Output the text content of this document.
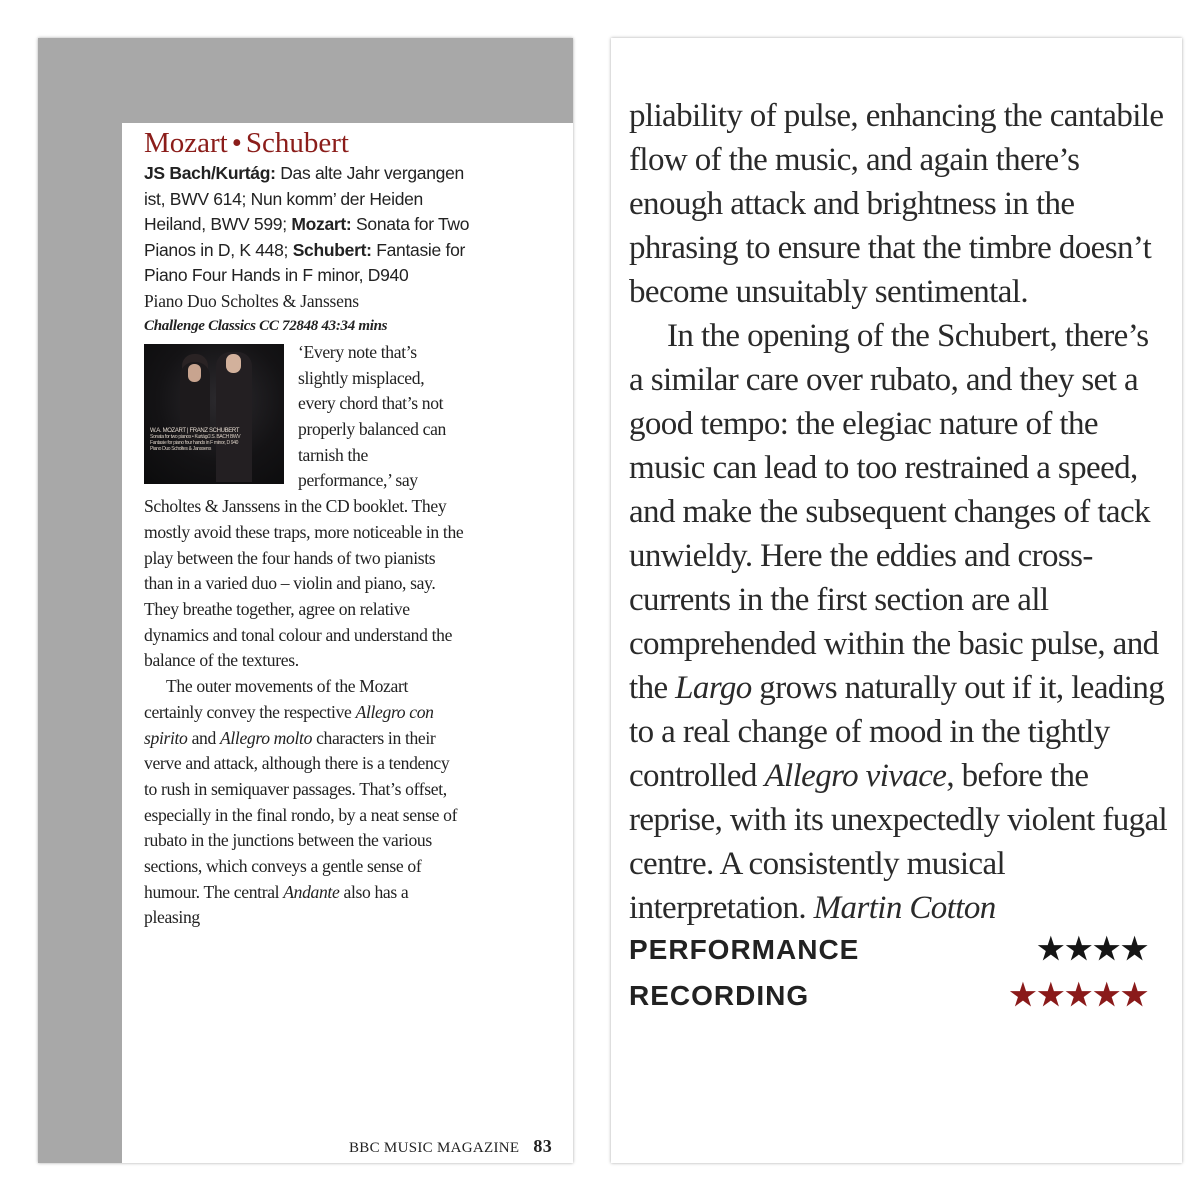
Mozart • Schubert
JS Bach/Kurtág: Das alte Jahr vergangen ist, BWV 614; Nun komm’ der Heiden Heiland, BWV 599; Mozart: Sonata for Two Pianos in D, K 448; Schubert: Fantasie for Piano Four Hands in F minor, D940
Piano Duo Scholtes & Janssens
Challenge Classics CC 72848 43:34 mins
W.A. MOZART | FRANZ SCHUBERT
Sonata for two pianos • Kurtág/J.S. BACH BWV
Fantasie for piano four hands in F minor, D 940
Piano Duo Scholtes & Janssens

‘Every note that’s slightly misplaced, every chord that’s not properly balanced can tarnish the performance,’ say Scholtes & Janssens in the CD booklet. They mostly avoid these traps, more noticeable in the play between the four hands of two pianists than in a varied duo – violin and piano, say. They breathe together, agree on relative dynamics and tonal colour and understand the balance of the textures.

The outer movements of the Mozart certainly convey the respective Allegro con spirito and Allegro molto characters in their verve and attack, although there is a tendency to rush in semiquaver passages. That’s offset, especially in the final rondo, by a neat sense of rubato in the junctions between the various sections, which conveys a gentle sense of humour. The central Andante also has a pleasing

BBC MUSIC MAGAZINE 83

pliability of pulse, enhancing the cantabile flow of the music, and again there’s enough attack and brightness in the phrasing to ensure that the timbre doesn’t become unsuitably sentimental.

In the opening of the Schubert, there’s a similar care over rubato, and they set a good tempo: the elegiac nature of the music can lead to too restrained a speed, and make the subsequent changes of tack unwieldy. Here the eddies and cross-currents in the first section are all comprehended within the basic pulse, and the Largo grows naturally out if it, leading to a real change of mood in the tightly controlled Allegro vivace, before the reprise, with its unexpectedly violent fugal centre. A consistently musical interpretation. Martin Cotton

PERFORMANCE	★★★★
RECORDING	★★★★★
